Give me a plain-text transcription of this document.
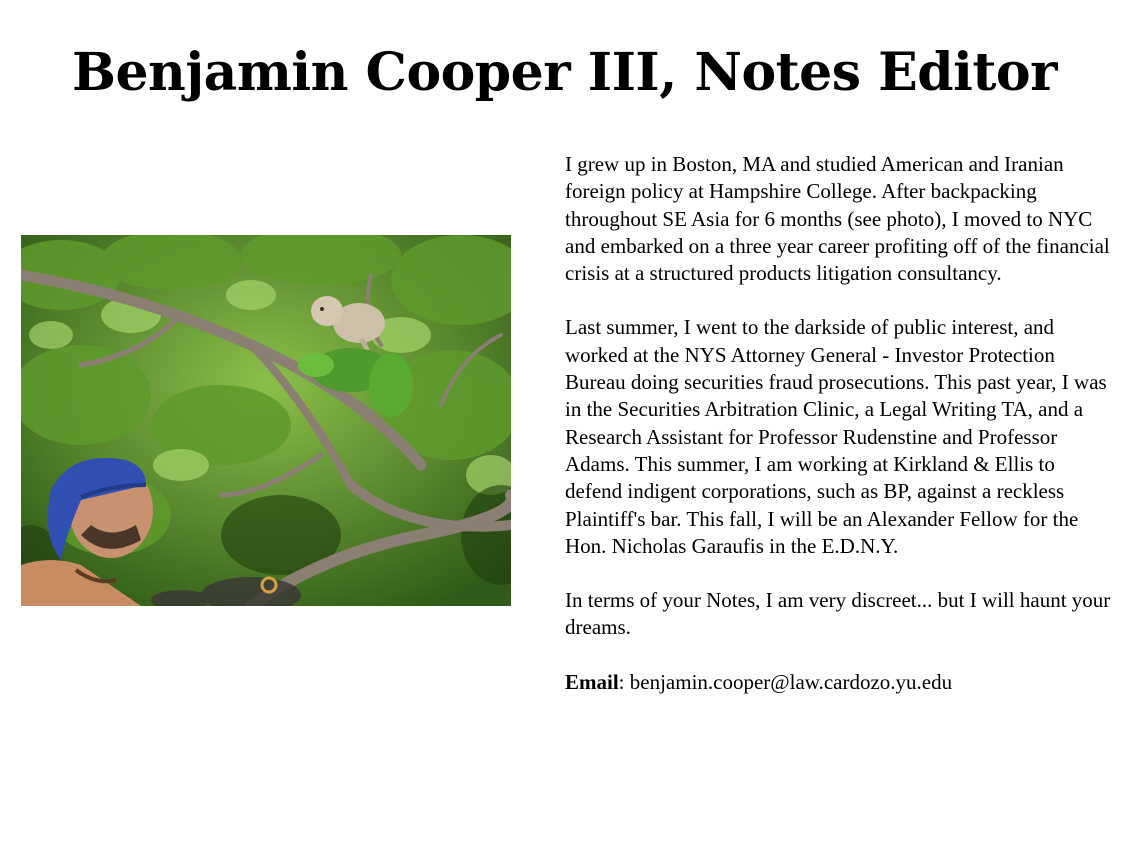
Benjamin Cooper III, Notes Editor

I grew up in Boston, MA and studied American and Iranian foreign policy at Hampshire College. After backpacking throughout SE Asia for 6 months (see photo), I moved to NYC and embarked on a three year career profiting off of the financial crisis at a structured products litigation consultancy.

Last summer, I went to the darkside of public interest, and worked at the NYS Attorney General - Investor Protection Bureau doing securities fraud prosecutions. This past year, I was in the Securities Arbitration Clinic, a Legal Writing TA, and a Research Assistant for Professor Rudenstine and Professor Adams. This summer, I am working at Kirkland & Ellis to defend indigent corporations, such as BP, against a reckless Plaintiff's bar. This fall, I will be an Alexander Fellow for the Hon. Nicholas Garaufis in the E.D.N.Y.

In terms of your Notes, I am very discreet... but I will haunt your dreams.

Email: benjamin.cooper@law.cardozo.yu.edu
